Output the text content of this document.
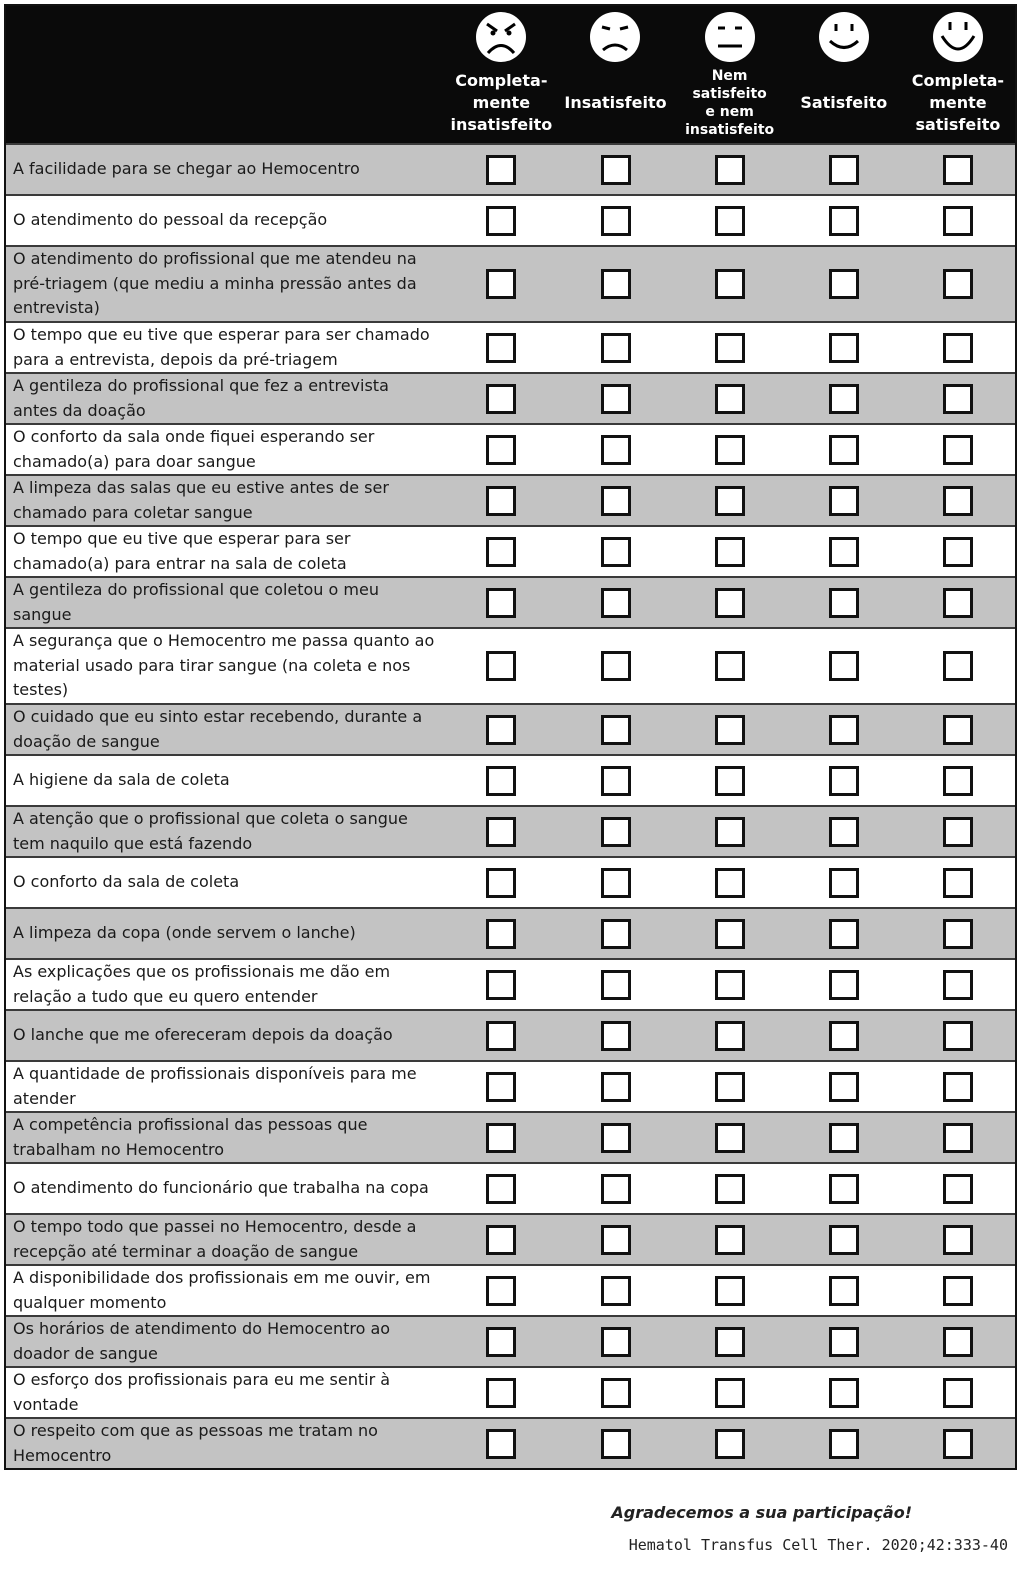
Completa-
mente
insatisfeito
Insatisfeito
Nem satisfeito
e nem
insatisfeito
Satisfeito
Completa-
mente
satisfeito
A facilidade para se chegar ao Hemocentro
O atendimento do pessoal da recepção
O atendimento do profissional que me atendeu na pré-triagem (que mediu a minha pressão antes da entrevista)
O tempo que eu tive que esperar para ser chamado para a entrevista, depois da pré-triagem
A gentileza do profissional que fez a entrevista antes da doação
O conforto da sala onde fiquei esperando ser chamado(a) para doar sangue
A limpeza das salas que eu estive antes de ser chamado para coletar sangue
O tempo que eu tive que esperar para ser chamado(a) para entrar na sala de coleta
A gentileza do profissional que coletou o meu sangue
A segurança que o Hemocentro me passa quanto ao material usado para tirar sangue (na coleta e nos testes)
O cuidado que eu sinto estar recebendo, durante a doação de sangue
A higiene da sala de coleta
A atenção que o profissional que coleta o sangue tem naquilo que está fazendo
O conforto da sala de coleta
A limpeza da copa (onde servem o lanche)
As explicações que os profissionais me dão em relação a tudo que eu quero entender
O lanche que me ofereceram depois da doação
A quantidade de profissionais disponíveis para me atender
A competência profissional das pessoas que trabalham no Hemocentro
O atendimento do funcionário que trabalha na copa
O tempo todo que passei no Hemocentro, desde a recepção até terminar a doação de sangue
A disponibilidade dos profissionais em me ouvir, em qualquer momento
Os horários de atendimento do Hemocentro ao doador de sangue
O esforço dos profissionais para eu me sentir à vontade
O respeito com que as pessoas me tratam no Hemocentro
Agradecemos a sua participação!
Hematol Transfus Cell Ther. 2020;42:333-40
